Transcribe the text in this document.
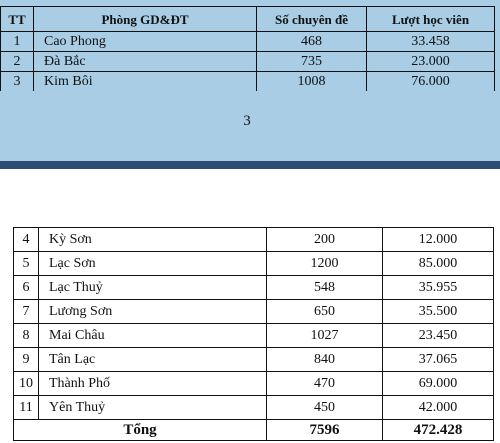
3
TT	Phòng GD&ĐT	Số chuyên đề	Lượt học viên
1	Cao Phong	468	33.458
2	Đà Bắc	735	23.000
3	Kim Bôi	1008	76.000
4	Kỳ Sơn	200	12.000
5	Lạc Sơn	1200	85.000
6	Lạc Thuỷ	548	35.955
7	Lương Sơn	650	35.500
8	Mai Châu	1027	23.450
9	Tân Lạc	840	37.065
10	Thành Phố	470	69.000
11	Yên Thuỷ	450	42.000
Tổng		7596	472.428
